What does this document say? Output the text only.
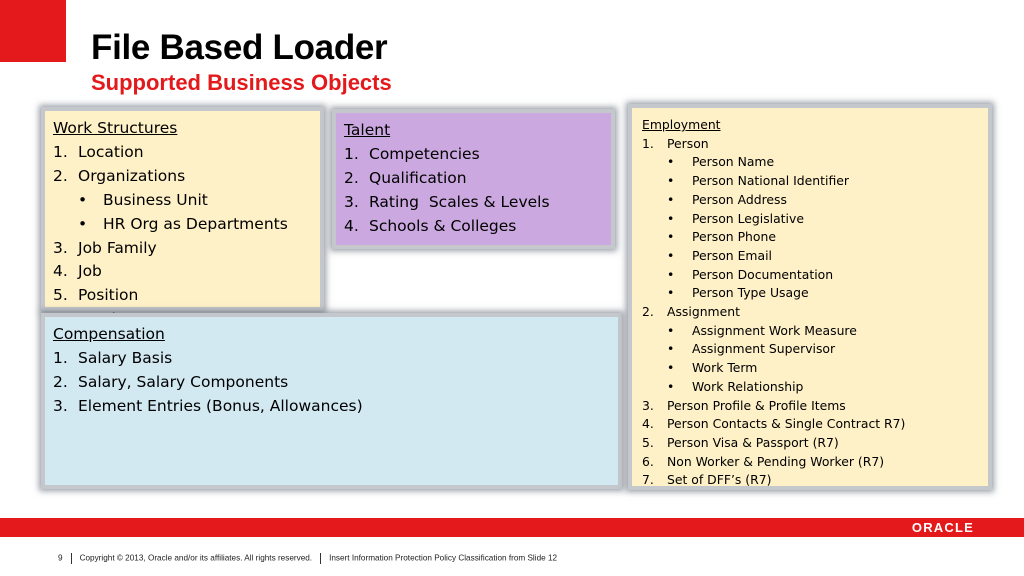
File Based Loader
Supported Business Objects
Work Structures
1. Location
2. Organizations
•	Business Unit
•	HR Org as Departments
3. Job Family
4. Job
5. Position
Talent
1. Competencies
2. Qualification
3. Rating  Scales & Levels
4. Schools & Colleges
Compensation
1. Salary Basis
2. Salary, Salary Components
3. Element Entries (Bonus, Allowances)
Employment
1.	Person
•	Person Name
•	Person National Identifier
•	Person Address
•	Person Legislative
•	Person Phone
•	Person Email
•	Person Documentation
•	Person Type Usage
2.	Assignment
•	Assignment Work Measure
•	Assignment Supervisor
•	Work Term
•	Work Relationship
3.	Person Profile & Profile Items
4.	Person Contacts & Single Contract R7)
5.	Person Visa & Passport (R7)
6.	Non Worker & Pending Worker (R7)
7.	Set of DFF’s (R7)
ORACLE
9 Copyright © 2013, Oracle and/or its affiliates. All rights reserved. Insert Information Protection Policy Classification from Slide 12
